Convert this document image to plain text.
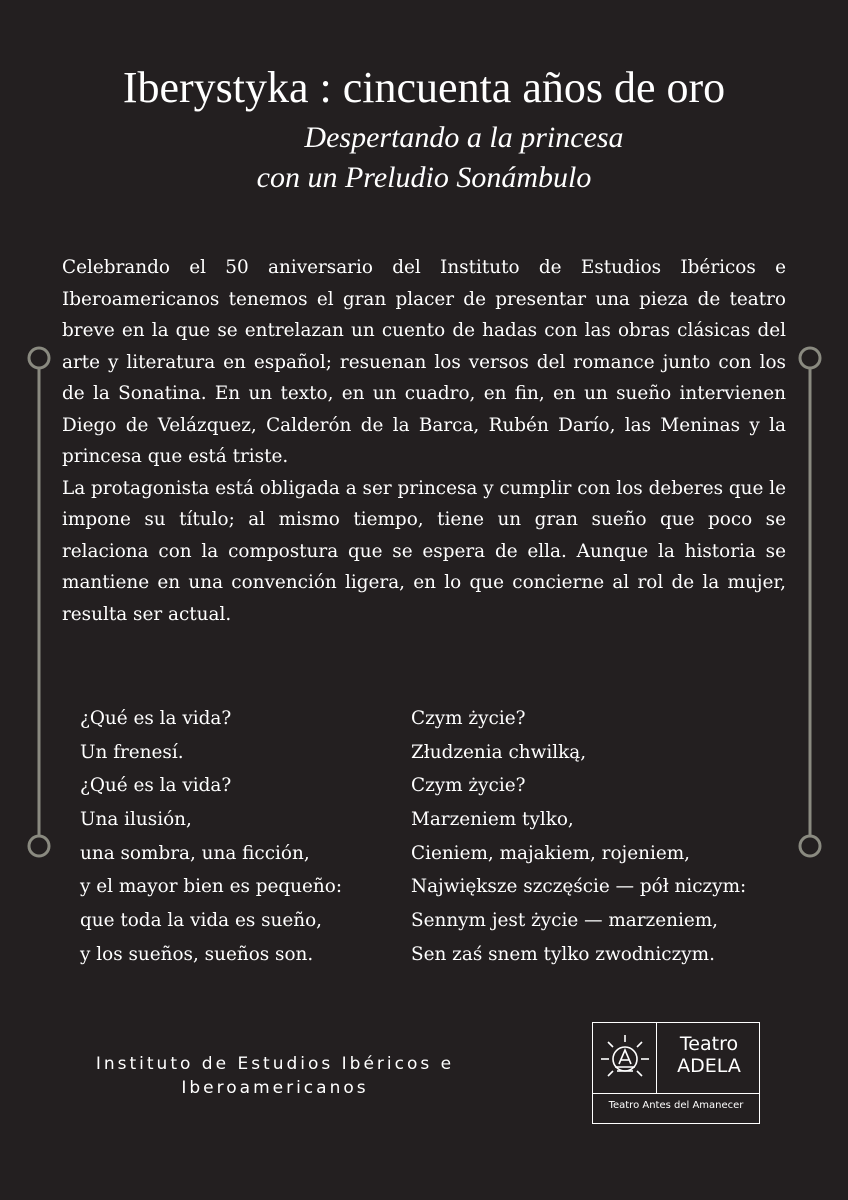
Iberystyka : cincuenta años de oro
Despertando a la princesa
con un Preludio Sonámbulo

Celebrando el 50 aniversario del Instituto de Estudios Ibéricos e Iberoamericanos tenemos el gran placer de presentar una pieza de teatro breve en la que se entrelazan un cuento de hadas con las obras clásicas del arte y literatura en español; resuenan los versos del romance junto con los de la Sonatina. En un texto, en un cuadro, en fin, en un sueño intervienen Diego de Velázquez, Calderón de la Barca, Rubén Darío, las Meninas y la princesa que está triste.

La protagonista está obligada a ser princesa y cumplir con los deberes que le impone su título; al mismo tiempo, tiene un gran sueño que poco se relaciona con la compostura que se espera de ella. Aunque la historia se mantiene en una convención ligera, en lo que concierne al rol de la mujer, resulta ser actual.

¿Qué es la vida?
Un frenesí.
¿Qué es la vida?
Una ilusión,
una sombra, una ficción,
y el mayor bien es pequeño:
que toda la vida es sueño,
y los sueños, sueños son.
Czym życie?
Złudzenia chwilką,
Czym życie?
Marzeniem tylko,
Cieniem, majakiem, rojeniem,
Największe szczęście — pół niczym:
Sennym jest życie — marzeniem,
Sen zaś snem tylko zwodniczym.
Instituto de Estudios Ibéricos e
Iberoamericanos
Teatro
ADELA
Teatro Antes del Amanecer
